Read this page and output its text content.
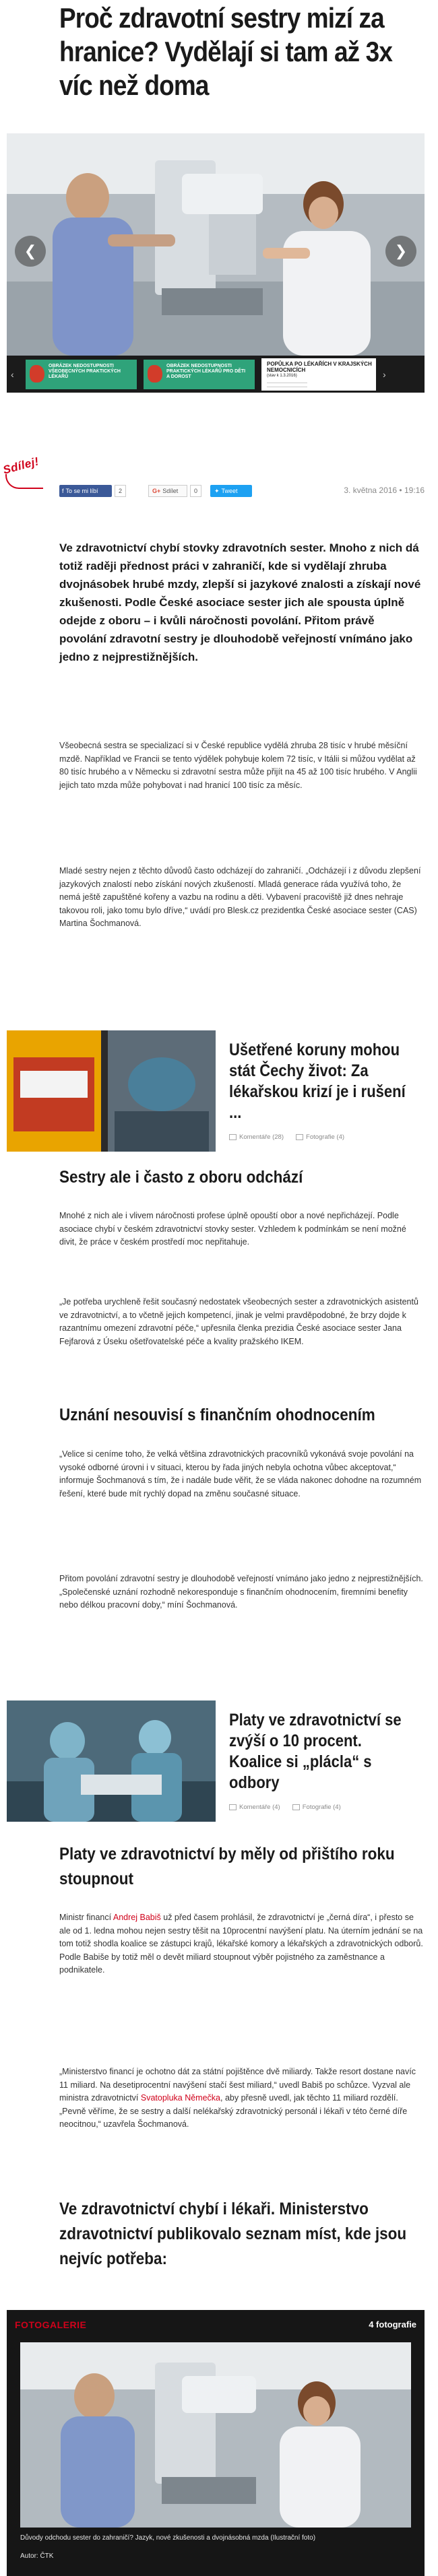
Proč zdravotní sestry mizí za hranice? Vydělají si tam až 3x víc než doma
❮	❯
‹
OBRÁZEK NEDOSTUPNOSTI VŠEOBECNÝCH PRAKTICKÝCH LÉKAŘŮ
OBRÁZEK NEDOSTUPNOSTI PRAKTICKÝCH LÉKAŘŮ PRO DĚTI A DOROST
POPŮLKA PO LÉKAŘÍCH V KRAJSKÝCH NEMOCNICÍCH
(stav k 1.3.2016)	›
Sdílej!
f To se mi líbí	2	G+ Sdílet	0	✦ Tweet	3. května 2016 • 19:16

Ve zdravotnictví chybí stovky zdravotních sester. Mnoho z nich dá totiž raději přednost práci v zahraničí, kde si vydělají zhruba dvojnásobek hrubé mzdy, zlepší si jazykové znalosti a získají nové zkušenosti. Podle České asociace sester jich ale spousta úplně odejde z oboru – i kvůli náročnosti povolání. Přitom právě povolání zdravotní sestry je dlouhodobě veřejností vnímáno jako jedno z nejprestižnějších.

Všeobecná sestra se specializací si v České republice vydělá zhruba 28 tisíc v hrubé měsíční mzdě. Například ve Francii se tento výdělek pohybuje kolem 72 tisíc, v Itálii si můžou vydělat až 80 tisíc hrubého a v Německu si zdravotní sestra může přijít na 45 až 100 tisíc hrubého. V Anglii jejich tato mzda může pohybovat i nad hranicí 100 tisíc za měsíc.

Mladé sestry nejen z těchto důvodů často odcházejí do zahraničí. „Odcházejí i z důvodu zlepšení jazykových znalostí nebo získání nových zkušeností. Mladá generace ráda využívá toho, že nemá ještě zapuštěné kořeny a vazbu na rodinu a děti. Vybavení pracoviště již dnes nehraje takovou roli, jako tomu bylo dříve,“ uvádí pro Blesk.cz prezidentka České asociace sester (CAS) Martina Šochmanová.

Ušetřené koruny mohou stát Čechy život: Za lékařskou krizí je i rušení ...
Komentáře (28)	Fotografie (4)
Sestry ale i často z oboru odchází

Mnohé z nich ale i vlivem náročnosti profese úplně opouští obor a nové nepřicházejí. Podle asociace chybí v českém zdravotnictví stovky sester. Vzhledem k podmínkám se není možné divit, že práce v českém prostředí moc nepřitahuje.

„Je potřeba urychleně řešit současný nedostatek všeobecných sester a zdravotnických asistentů ve zdravotnictví, a to včetně jejich kompetencí, jinak je velmi pravděpodobné, že brzy dojde k razantnímu omezení zdravotní péče,“ upřesnila členka prezidia České asociace sester Jana Fejfarová z Úseku ošetřovatelské péče a kvality pražského IKEM.

Uznání nesouvisí s finančním ohodnocením

„Velice si ceníme toho, že velká většina zdravotnických pracovníků vykonává svoje povolání na vysoké odborné úrovni i v situaci, kterou by řada jiných nebyla ochotna vůbec akceptovat,“ informuje Šochmanová s tím, že i nadále bude věřit, že se vláda nakonec dohodne na rozumném řešení, které bude mít rychlý dopad na změnu současné situace.

Přitom povolání zdravotní sestry je dlouhodobě veřejností vnímáno jako jedno z nejprestižnějších. „Společenské uznání rozhodně nekoresponduje s finančním ohodnocením, firemními benefity nebo délkou pracovní doby,“ míní Šochmanová.

Platy ve zdravotnictví se zvýší o 10 procent. Koalice si „plácla“ s odbory
Komentáře (4)	Fotografie (4)
Platy ve zdravotnictví by měly od přištího roku stoupnout

Ministr financí Andrej Babiš už před časem prohlásil, že zdravotnictví je „černá díra“, i přesto se ale od 1. ledna mohou nejen sestry těšit na 10procentní navýšení platu. Na úterním jednání se na tom totiž shodla koalice se zástupci krajů, lékařské komory a lékařských a zdravotnických odborů. Podle Babiše by totiž měl o devět miliard stoupnout výběr pojistného za zaměstnance a podnikatele.

„Ministerstvo financí je ochotno dát za státní pojištěnce dvě miliardy. Takže resort dostane navíc 11 miliard. Na desetiprocentní navýšení stačí šest miliard,“ uvedl Babiš po schůzce. Vyzval ale ministra zdravotnictví Svatopluka Němečka, aby přesně uvedl, jak těchto 11 miliard rozdělí. „Pevně věříme, že se sestry a další nelékařský zdravotnický personál i lékaři v této černé díře neocitnou,“ uzavřela Šochmanová.

Ve zdravotnictví chybí i lékaři. Ministerstvo zdravotnictví publikovalo seznam míst, kde jsou nejvíc potřeba:
FOTOGALERIE	4 fotografie
Důvody odchodu sester do zahraničí? Jazyk, nové zkušenosti a dvojnásobná mzda (Ilustrační foto)
Autor: ČTK
